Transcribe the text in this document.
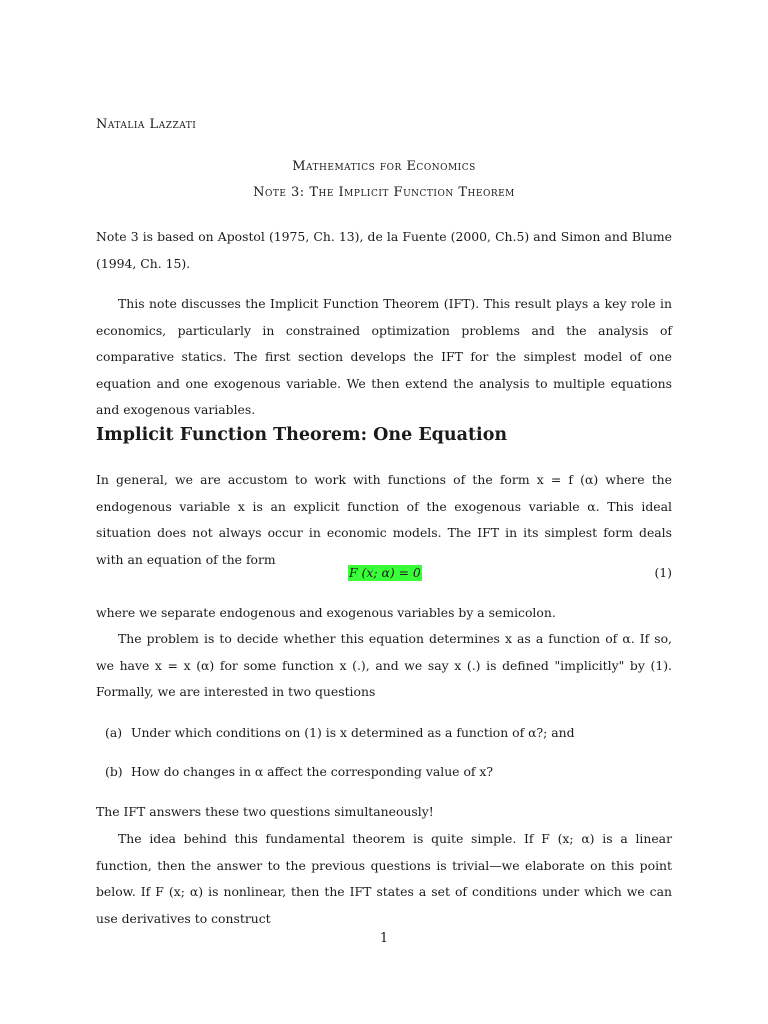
Natalia Lazzati
Mathematics for Economics
Note 3: The Implicit Function Theorem

Note 3 is based on Apostol (1975, Ch. 13), de la Fuente (2000, Ch.5) and Simon and Blume (1994, Ch. 15).

This note discusses the Implicit Function Theorem (IFT). This result plays a key role in economics, particularly in constrained optimization problems and the analysis of comparative statics. The first section develops the IFT for the simplest model of one equation and one exogenous variable. We then extend the analysis to multiple equations and exogenous variables.

Implicit Function Theorem: One Equation

In general, we are accustom to work with functions of the form x = f (α) where the endogenous variable x is an explicit function of the exogenous variable α. This ideal situation does not always occur in economic models. The IFT in its simplest form deals with an equation of the form

F (x; α) = 0	(1)

where we separate endogenous and exogenous variables by a semicolon.

The problem is to decide whether this equation determines x as a function of α. If so, we have x = x (α) for some function x (.), and we say x (.) is defined "implicitly" by (1). Formally, we are interested in two questions

(a) Under which conditions on (1) is x determined as a function of α?; and
(b) How do changes in α affect the corresponding value of x?

The IFT answers these two questions simultaneously!

The idea behind this fundamental theorem is quite simple. If F (x; α) is a linear function, then the answer to the previous questions is trivial—we elaborate on this point below. If F (x; α) is nonlinear, then the IFT states a set of conditions under which we can use derivatives to construct

1
